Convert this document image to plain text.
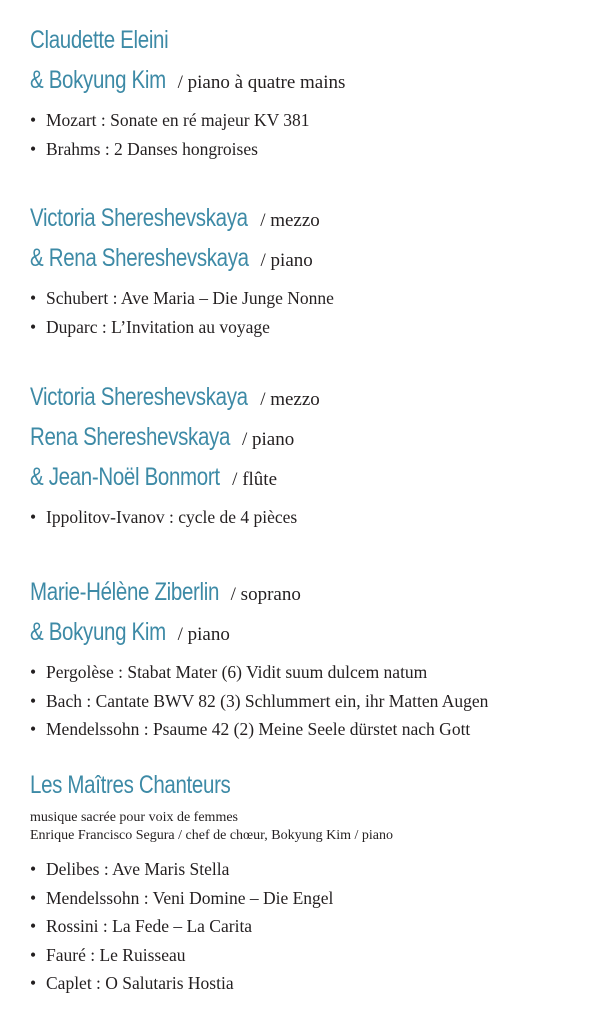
Claudette Eleini
& Bokyung Kim / piano à quatre mains
• Mozart : Sonate en ré majeur KV 381
• Brahms : 2 Danses hongroises
Victoria Shereshevskaya / mezzo
& Rena Shereshevskaya / piano
• Schubert : Ave Maria – Die Junge Nonne
• Duparc : L’Invitation au voyage
Victoria Shereshevskaya / mezzo
Rena Shereshevskaya / piano
& Jean-Noël Bonmort / flûte
• Ippolitov-Ivanov : cycle de 4 pièces
Marie-Hélène Ziberlin / soprano
& Bokyung Kim / piano
• Pergolèse : Stabat Mater (6) Vidit suum dulcem natum
• Bach : Cantate BWV 82 (3) Schlummert ein, ihr Matten Augen
• Mendelssohn : Psaume 42 (2) Meine Seele dürstet nach Gott
Les Maîtres Chanteurs
musique sacrée pour voix de femmes
Enrique Francisco Segura / chef de chœur, Bokyung Kim / piano
• Delibes : Ave Maris Stella
• Mendelssohn : Veni Domine – Die Engel
• Rossini : La Fede – La Carita
• Fauré : Le Ruisseau
• Caplet : O Salutaris Hostia
